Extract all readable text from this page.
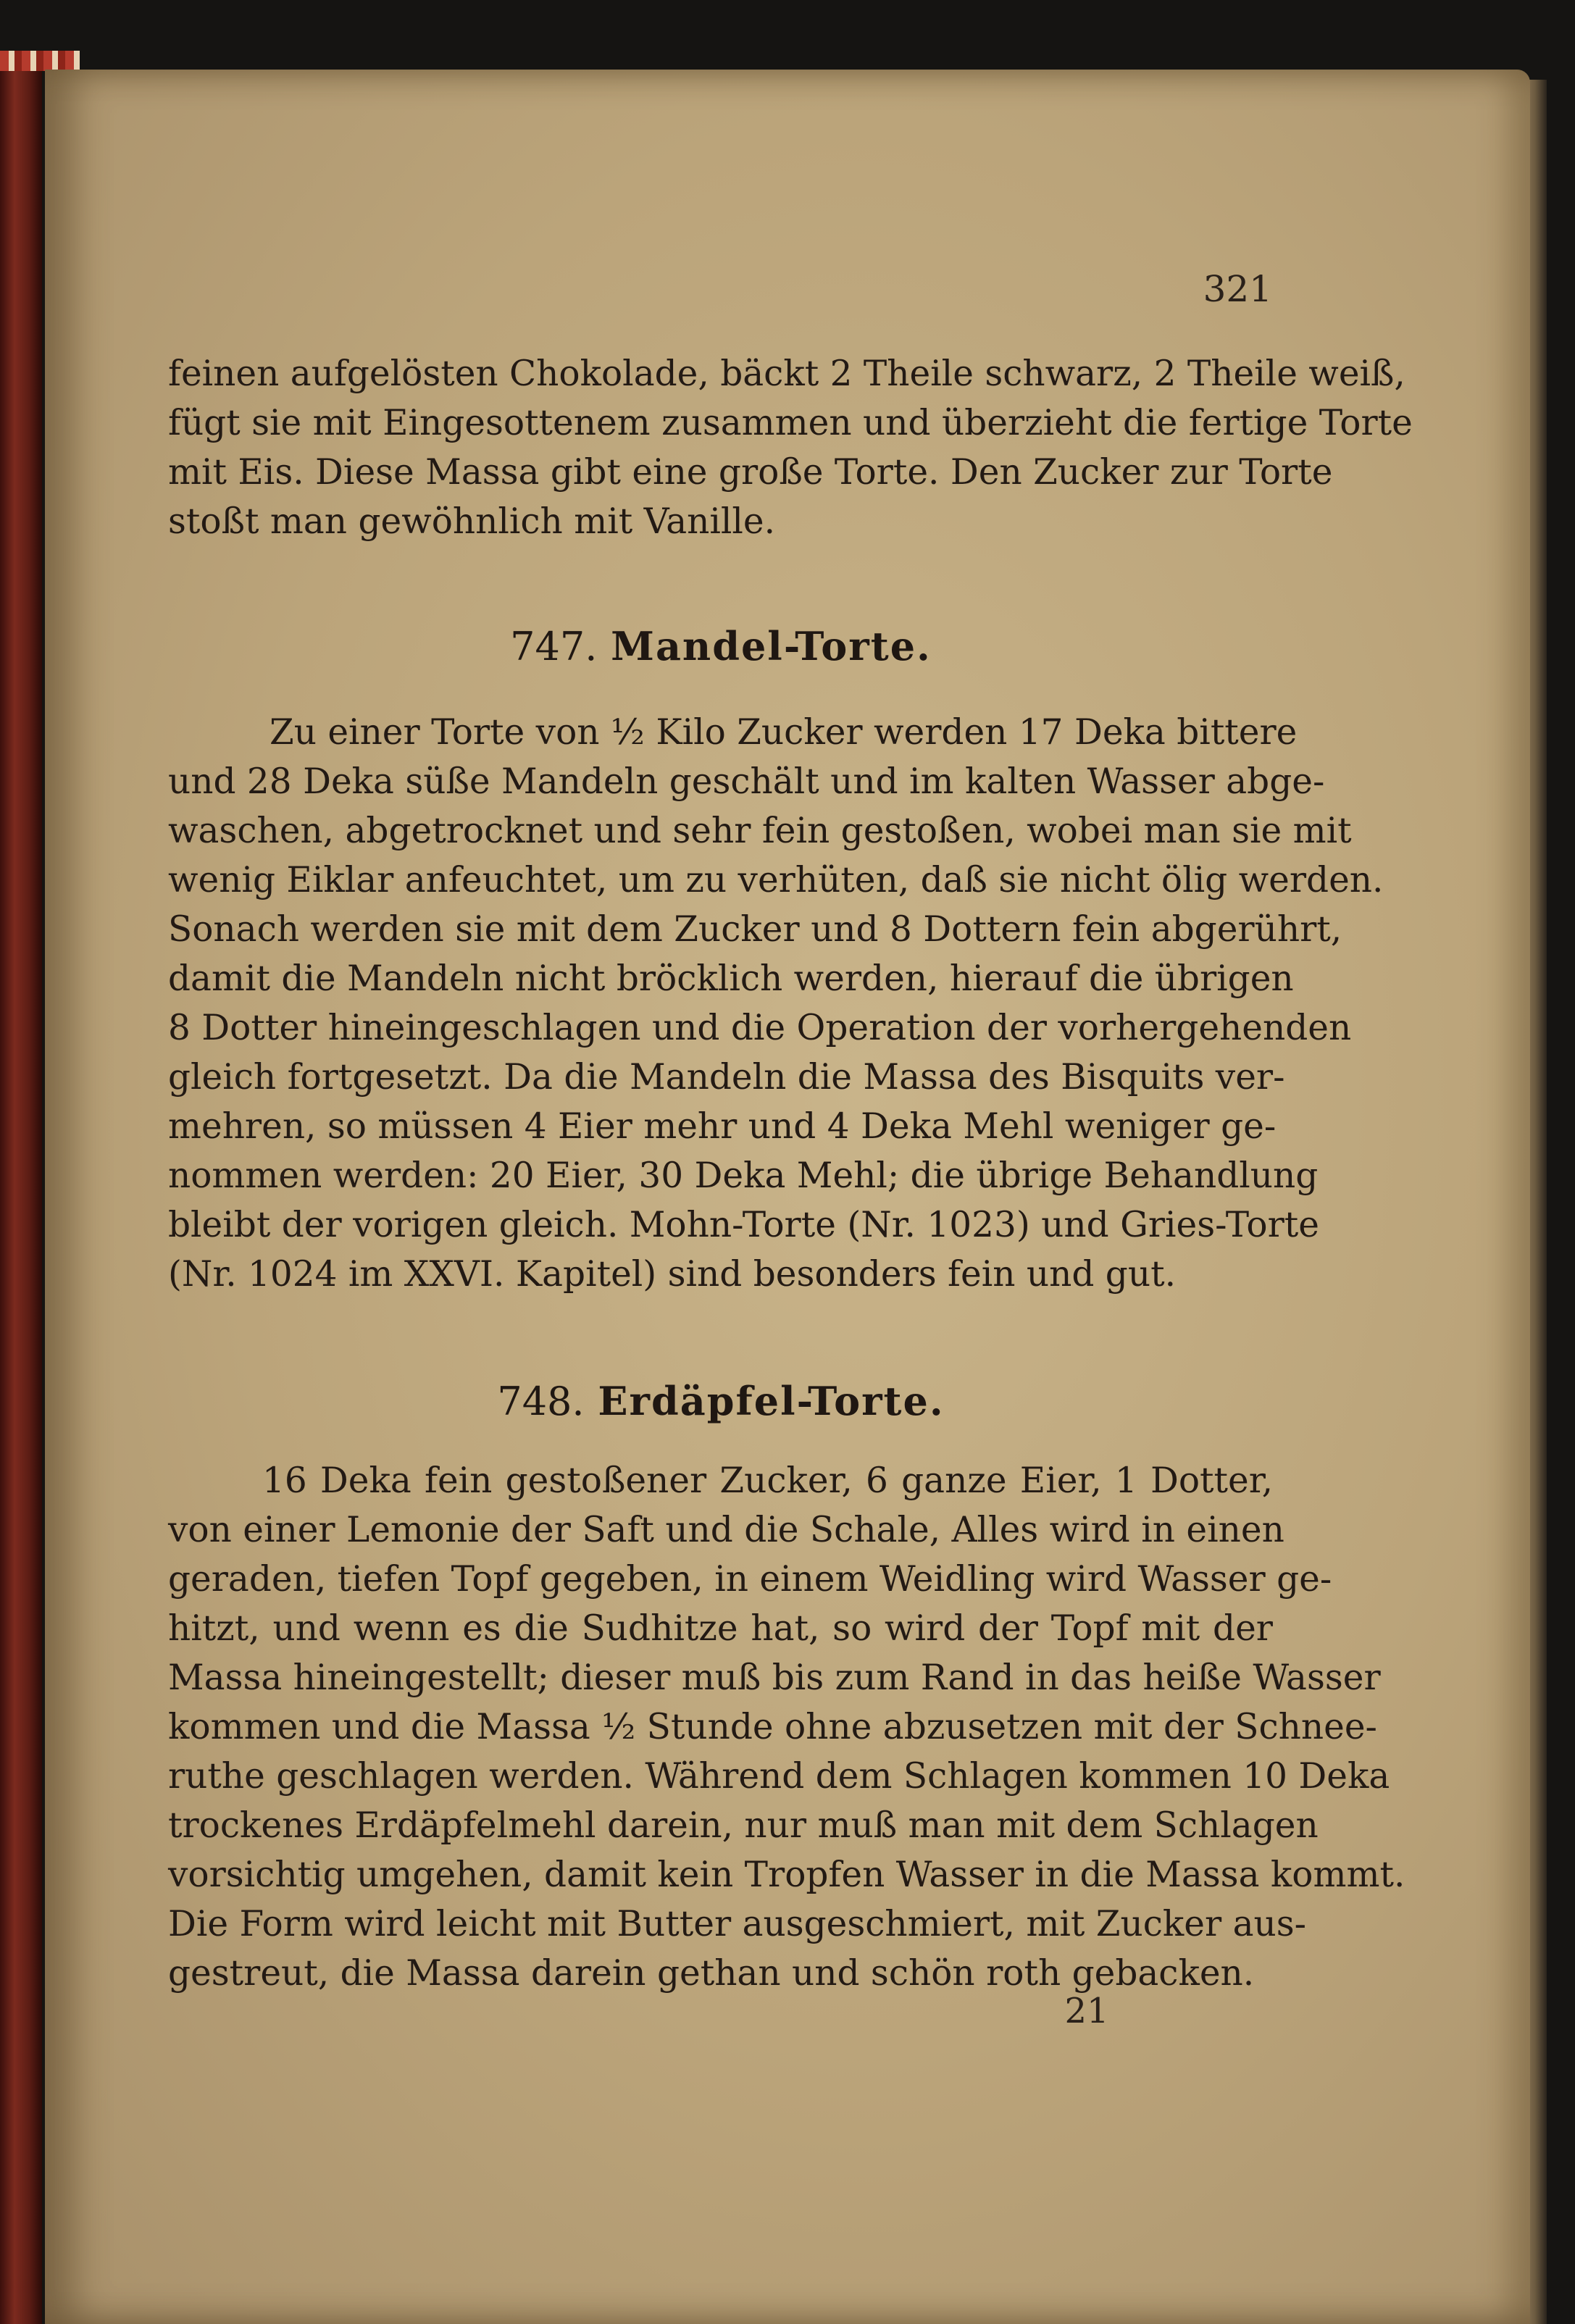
321

feinen aufgelösten Chokolade, bäckt 2 Theile schwarz, 2 Theile weiß,
fügt sie mit Eingesottenem zusammen und überzieht die fertige Torte
mit Eis. Diese Massa gibt eine große Torte. Den Zucker zur Torte
stoßt man gewöhnlich mit Vanille.

747. Mandel-Torte.

Zu einer Torte von ½ Kilo Zucker werden 17 Deka bittere
und 28 Deka süße Mandeln geschält und im kalten Wasser abge-
waschen, abgetrocknet und sehr fein gestoßen, wobei man sie mit
wenig Eiklar anfeuchtet, um zu verhüten, daß sie nicht ölig werden.
Sonach werden sie mit dem Zucker und 8 Dottern fein abgerührt,
damit die Mandeln nicht bröcklich werden, hierauf die übrigen
8 Dotter hineingeschlagen und die Operation der vorhergehenden
gleich fortgesetzt. Da die Mandeln die Massa des Bisquits ver-
mehren, so müssen 4 Eier mehr und 4 Deka Mehl weniger ge-
nommen werden: 20 Eier, 30 Deka Mehl; die übrige Behandlung
bleibt der vorigen gleich. Mohn-Torte (Nr. 1023) und Gries-Torte
(Nr. 1024 im XXVI. Kapitel) sind besonders fein und gut.

748. Erdäpfel-Torte.

16 Deka fein gestoßener Zucker, 6 ganze Eier, 1 Dotter,
von einer Lemonie der Saft und die Schale, Alles wird in einen
geraden, tiefen Topf gegeben, in einem Weidling wird Wasser ge-
hitzt, und wenn es die Sudhitze hat, so wird der Topf mit der
Massa hineingestellt; dieser muß bis zum Rand in das heiße Wasser
kommen und die Massa ½ Stunde ohne abzusetzen mit der Schnee-
ruthe geschlagen werden. Während dem Schlagen kommen 10 Deka
trockenes Erdäpfelmehl darein, nur muß man mit dem Schlagen
vorsichtig umgehen, damit kein Tropfen Wasser in die Massa kommt.
Die Form wird leicht mit Butter ausgeschmiert, mit Zucker aus-
gestreut, die Massa darein gethan und schön roth gebacken.

21
